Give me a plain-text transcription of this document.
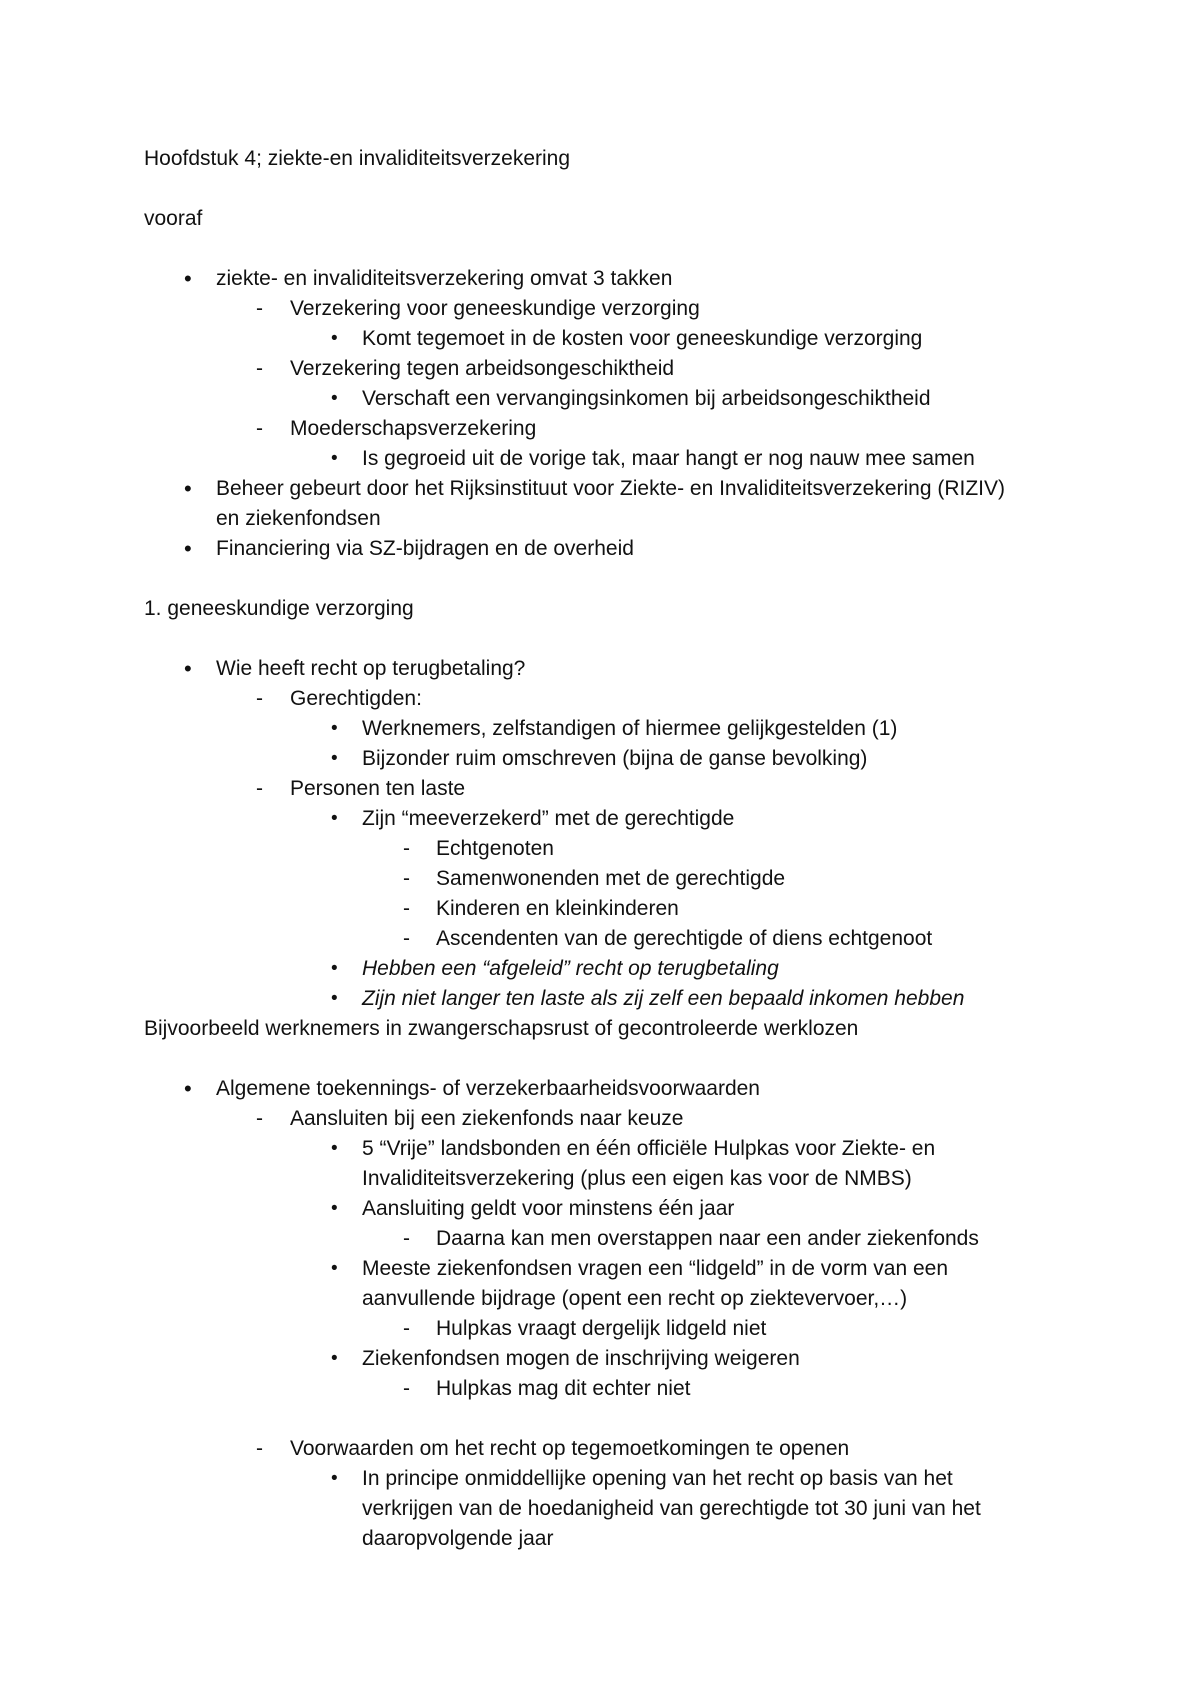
Hoofdstuk 4; ziekte-en invaliditeitsverzekering
vooraf
• ziekte- en invaliditeitsverzekering omvat 3 takken
- Verzekering voor geneeskundige verzorging
• Komt tegemoet in de kosten voor geneeskundige verzorging
- Verzekering tegen arbeidsongeschiktheid
• Verschaft een vervangingsinkomen bij arbeidsongeschiktheid
- Moederschapsverzekering
• Is gegroeid uit de vorige tak, maar hangt er nog nauw mee samen
• Beheer gebeurt door het Rijksinstituut voor Ziekte- en Invaliditeitsverzekering (RIZIV)
en ziekenfondsen
• Financiering via SZ-bijdragen en de overheid
1. geneeskundige verzorging
• Wie heeft recht op terugbetaling?
- Gerechtigden:
• Werknemers, zelfstandigen of hiermee gelijkgestelden (1)
• Bijzonder ruim omschreven (bijna de ganse bevolking)
- Personen ten laste
• Zijn “meeverzekerd” met de gerechtigde
- Echtgenoten
- Samenwonenden met de gerechtigde
- Kinderen en kleinkinderen
- Ascendenten van de gerechtigde of diens echtgenoot
• Hebben een “afgeleid” recht op terugbetaling
• Zijn niet langer ten laste als zij zelf een bepaald inkomen hebben
Bijvoorbeeld werknemers in zwangerschapsrust of gecontroleerde werklozen
• Algemene toekennings- of verzekerbaarheidsvoorwaarden
- Aansluiten bij een ziekenfonds naar keuze
• 5 “Vrije” landsbonden en één officiële Hulpkas voor Ziekte- en
Invaliditeitsverzekering (plus een eigen kas voor de NMBS)
• Aansluiting geldt voor minstens één jaar
- Daarna kan men overstappen naar een ander ziekenfonds
• Meeste ziekenfondsen vragen een “lidgeld” in de vorm van een
aanvullende bijdrage (opent een recht op ziektevervoer,…)
- Hulpkas vraagt dergelijk lidgeld niet
• Ziekenfondsen mogen de inschrijving weigeren
- Hulpkas mag dit echter niet
- Voorwaarden om het recht op tegemoetkomingen te openen
• In principe onmiddellijke opening van het recht op basis van het
verkrijgen van de hoedanigheid van gerechtigde tot 30 juni van het
daaropvolgende jaar
